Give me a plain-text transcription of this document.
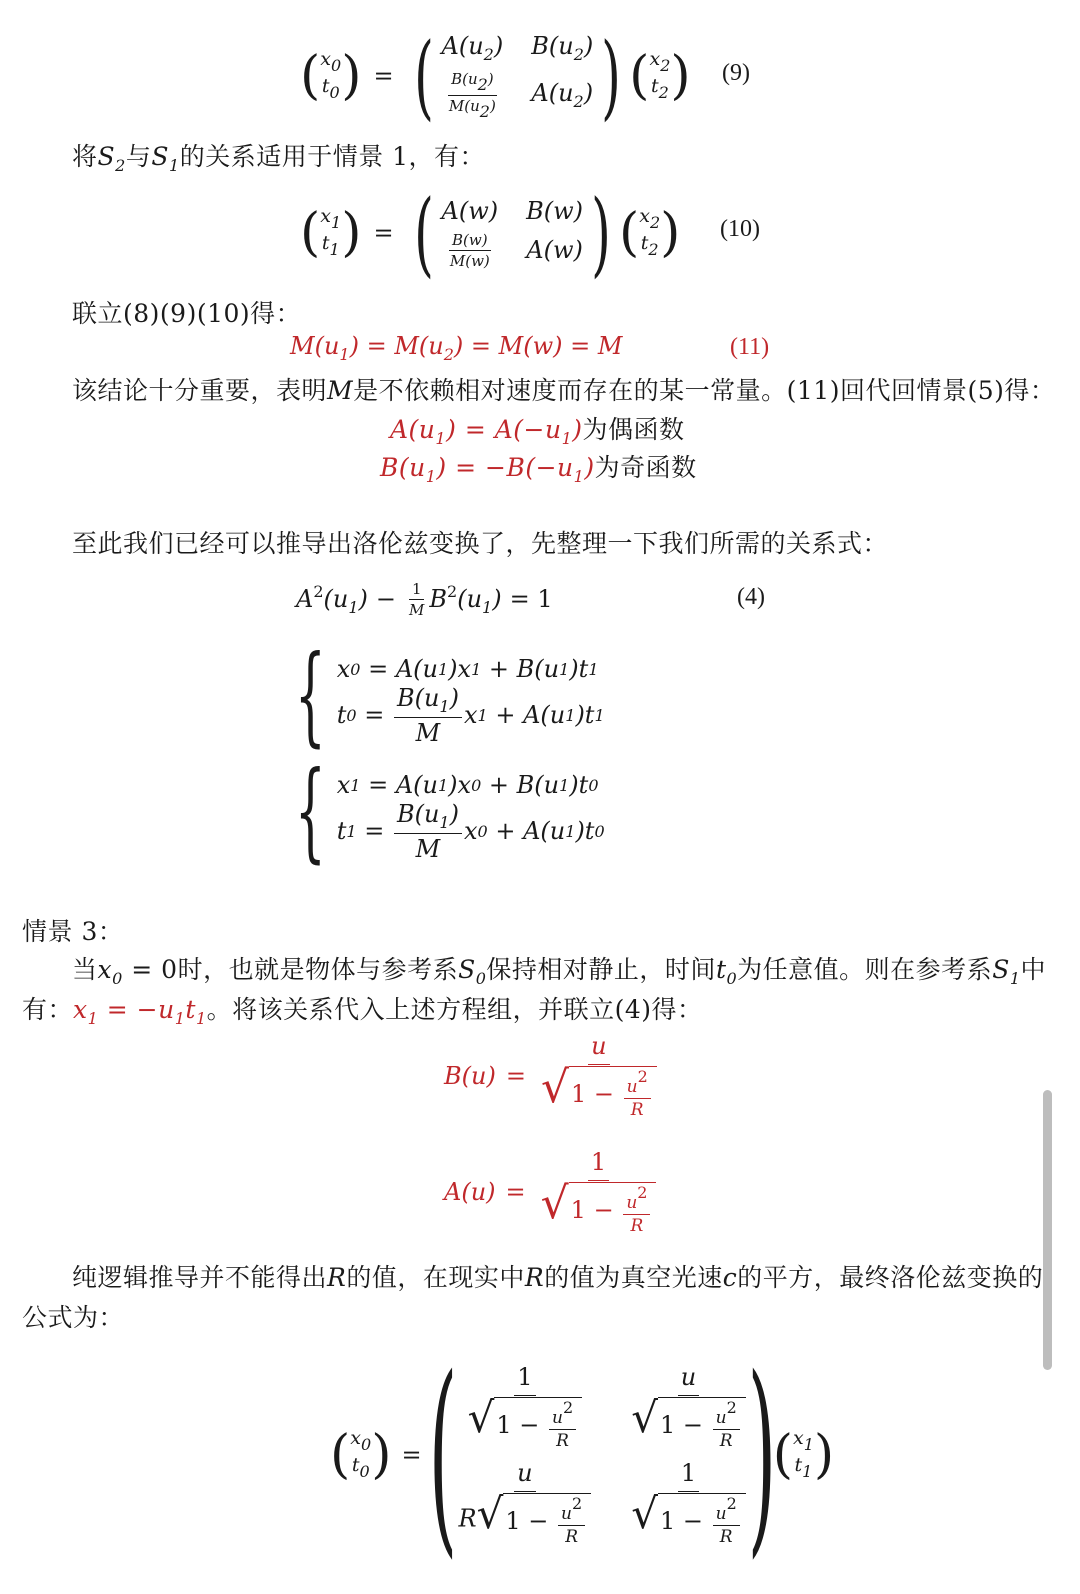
( $x_0$
$t_0$ ) = ( $A(u_2)$ $B(u_2)$
$\frac{B(u_2)}{M(u_2)} A(u_2)$ ) ( $x_2$
$t_2$ ) (9)
将$S_2$与$S_1$的关系适用于情景 1，有：
( $x_1$
$t_1$ ) = ( A(w) B(w)
$\frac{B(w)}{M(w)} A(w)$ ) ( $x_2$
$t_2$ ) (10)
联立(8)(9)(10)得：
$M(u_1) = M(u_2) = M(w) = M$	(11)
该结论十分重要，表明M是不依赖相对速度而存在的某一常量。(11)回代回情景(5)得：
$A(u_1) = A(-u_1)$为偶函数
$B(u_1) = -B(-u_1)$为奇函数
至此我们已经可以推导出洛伦兹变换了，先整理一下我们所需的关系式：
$A^2(u_1) - \frac{1}{M} B^2(u_1) = 1$	(4)
{ x 0
= A(u 1 )x 1
+ B(u 1 )t 1
t 0
=
$\frac{B(u_1)}{M}$ x 1
+ A(u 1 )t 1
{ x 1
= A(u 1 )x 0
+ B(u 1 )t 0
t 1
=
$\frac{B(u_1)}{M}$ x 0
+ A(u 1 )t 0
情景 3：
当$x_0 = 0$时，也就是物体与参考系$S_0$保持相对静止，时间$t_0$为任意值。则在参考系$S_1$中
有：$x_1 = -u_1t_1$。将该关系代入上述方程组，并联立(4)得：
B(u) = u
√ 1 −
$\frac{u^2}{R}$
A(u) = 1
√ 1 −
$\frac{u^2}{R}$
纯逻辑推导并不能得出R的值，在现实中R的值为真空光速c的平方，最终洛伦兹变换的
公式为：
( $x_0$
$t_0$ ) = ( 1
√ 1 −
$\frac{u^2}{R}$ u
√ 1 −
$\frac{u^2}{R}$
u
R √ 1 −
$\frac{u^2}{R} 1$
√ 1 −
$\frac{u^2}{R}$
)
( $x_1$
$t_1$ )
